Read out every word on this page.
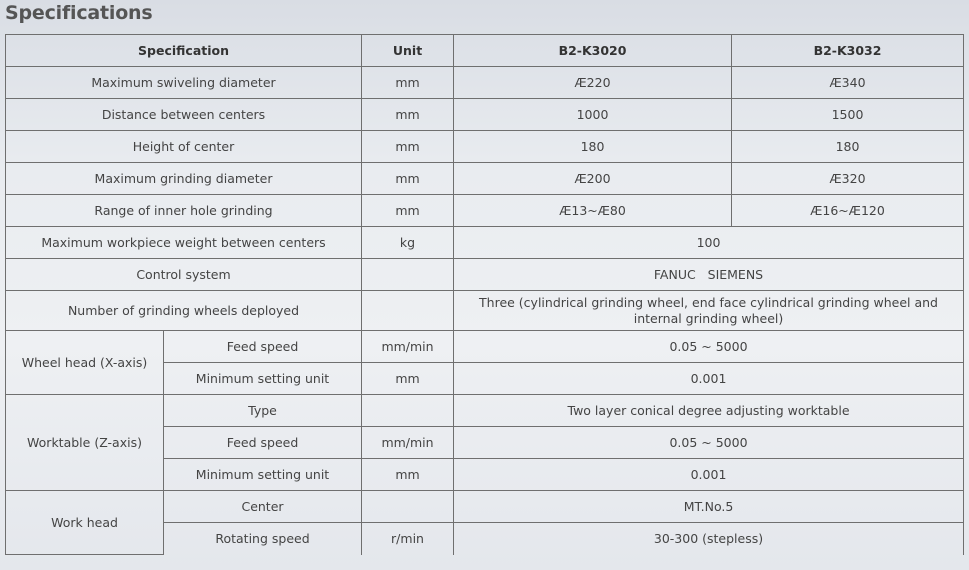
Specifications
Specification		Unit	B2-K3020	B2-K3032
Maximum swiveling diameter		mm	Æ220	Æ340
Distance between centers		mm	1000	1500
Height of center		mm	180	180
Maximum grinding diameter		mm	Æ200	Æ320
Range of inner hole grinding		mm	Æ13~Æ80	Æ16~Æ120
Maximum workpiece weight between centers		kg	100	
Control system			FANUC   SIEMENS	
Number of grinding wheels deployed			Three (cylindrical grinding wheel, end face cylindrical grinding wheel and internal grinding wheel)	
Wheel head (X-axis)	Feed speed	mm/min	0.05 ~ 5000	
	Minimum setting unit	mm	0.001	
Worktable (Z-axis)	Type		Two layer conical degree adjusting worktable	
	Feed speed	mm/min	0.05 ~ 5000	
	Minimum setting unit	mm	0.001	
Work head	Center		MT.No.5	
	Rotating speed	r/min	30-300 (stepless)	
